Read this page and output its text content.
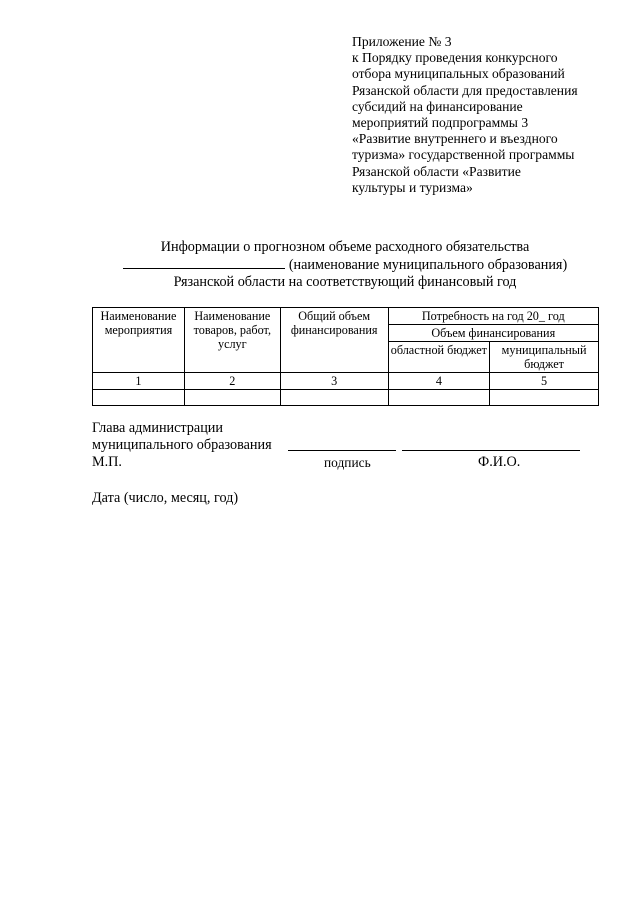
Приложение № 3
к Порядку проведения конкурсного
отбора муниципальных образований
Рязанской области для предоставления
субсидий на финансирование
мероприятий подпрограммы 3
«Развитие внутреннего и въездного
туризма» государственной программы
Рязанской области «Развитие
культуры и туризма»
Информации о прогнозном объеме расходного обязательства
(наименование муниципального образования)
Рязанской области на соответствующий финансовый год
Наименование мероприятия	Наименование товаров, работ, услуг	Общий объем финансирования	Потребность на год 20_ год	
			Объем финансирования	
			областной бюджет	муниципальный бюджет
1	2	3	4	5

Глава администрации
муниципального образования
М.П.	подпись	Ф.И.О.
Дата (число, месяц, год)
